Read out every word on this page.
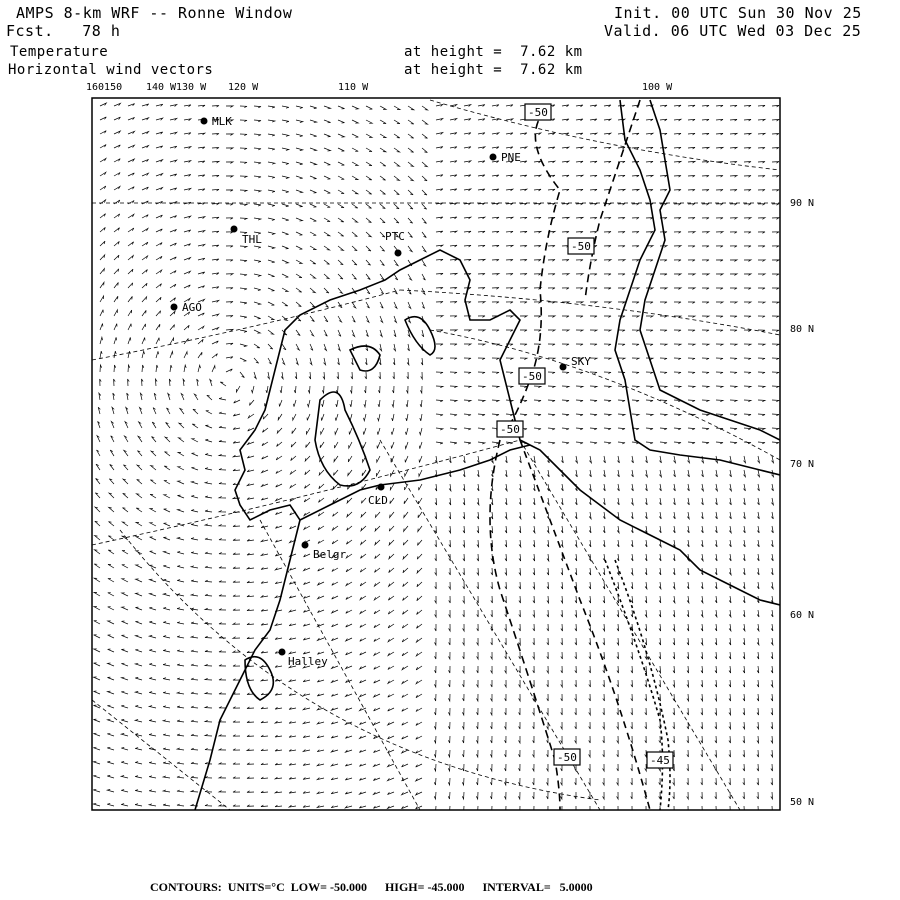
AMPS 8-km WRF -- Ronne Window
Fcst.   78 h
Init. 00 UTC Sun 30 Nov 25
Valid. 06 UTC Wed 03 Dec 25
Temperature
Horizontal wind vectors
at height =  7.62 km
at height =  7.62 km
-50
-50
-50
-50
-50	-45
MLK
PNE
THL	PTC
AGO
SKY
CLD
Belgr
Halley
160150 140 W130 W 120 W	110 W	100 W
90 N
80 N
70 N
60 N
50 N
CONTOURS:  UNITS=°C  LOW= -50.000      HIGH= -45.000      INTERVAL=   5.0000
